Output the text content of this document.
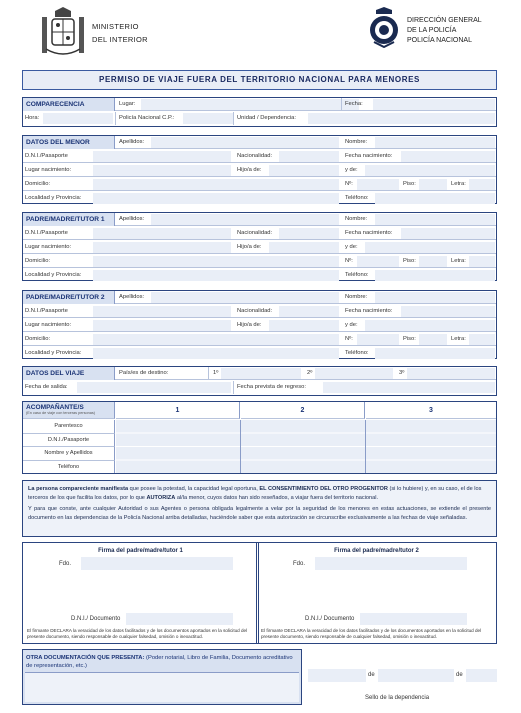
MINISTERIO
DEL INTERIOR
DIRECCIÓN GENERAL
DE LA POLICÍA
POLICÍA NACIONAL
PERMISO DE VIAJE FUERA DEL TERRITORIO NACIONAL PARA MENORES
COMPARECENCIA	Lugar:	Fecha:
Hora:	Policía Nacional C.P.:	Unidad / Dependencia:
DATOS DEL MENOR	Apellidos:	Nombre:
D.N.I./Pasaporte	Nacionalidad:	Fecha nacimiento:
Lugar nacimiento:	Hijo/a de:	y de:
Domicilio:	Nº:	Piso:	Letra:
Localidad y Provincia:	Teléfono:
PADRE/MADRE/TUTOR 1	Apellidos:	Nombre:
D.N.I./Pasaporte	Nacionalidad:	Fecha nacimiento:
Lugar nacimiento:	Hijo/a de:	y de:
Domicilio:	Nº:	Piso:	Letra:
Localidad y Provincia:	Teléfono:
PADRE/MADRE/TUTOR 2	Apellidos:	Nombre:
D.N.I./Pasaporte	Nacionalidad:	Fecha nacimiento:
Lugar nacimiento:	Hijo/a de:	y de:
Domicilio:	Nº:	Piso:	Letra:
Localidad y Provincia:	Teléfono:
DATOS DEL VIAJE	País/es de destino:	1º	2º	3º
Fecha de salida:	Fecha prevista de regreso:
ACOMPAÑANTE/S
(En caso de viaje con terceras personas)	1	2	3
Parentesco
D.N.I./Pasaporte
Nombre y Apellidos
Teléfono

La persona compareciente manifiesta que posee la potestad, la capacidad legal oportuna, EL CONSENTIMIENTO DEL OTRO PROGENITOR (si lo hubiere) y, en su caso, el de los terceros de los que facilita los datos, por lo que AUTORIZA al/la menor, cuyos datos han sido reseñados, a viajar fuera del territorio nacional.

Y para que conste, ante cualquier Autoridad o sus Agentes o persona obligada legalmente a velar por la seguridad de los menores en estas actuaciones, se extiende el presente documento en las dependencias de la Policía Nacional arriba detalladas, haciéndole saber que esta autorización se circunscribe exclusivamente a las fechas de viaje señaladas.

Firma del padre/madre/tutor 1
Fdo.
D.N.I./ Documento
El firmante DECLARA la veracidad de los datos facilitados y de los documentos aportados en la solicitud del presente documento, siendo responsable de cualquier falsedad, omisión o inexactitud.
Firma del padre/madre/tutor 2
Fdo.
D.N.I./ Documento
El firmante DECLARA la veracidad de los datos facilitados y de los documentos aportados en la solicitud del presente documento, siendo responsable de cualquier falsedad, omisión o inexactitud.
OTRA DOCUMENTACIÓN QUE PRESENTA: (Poder notarial, Libro de Familia, Documento acreditativo de representación, etc.)
de	de
Sello de la dependencia
